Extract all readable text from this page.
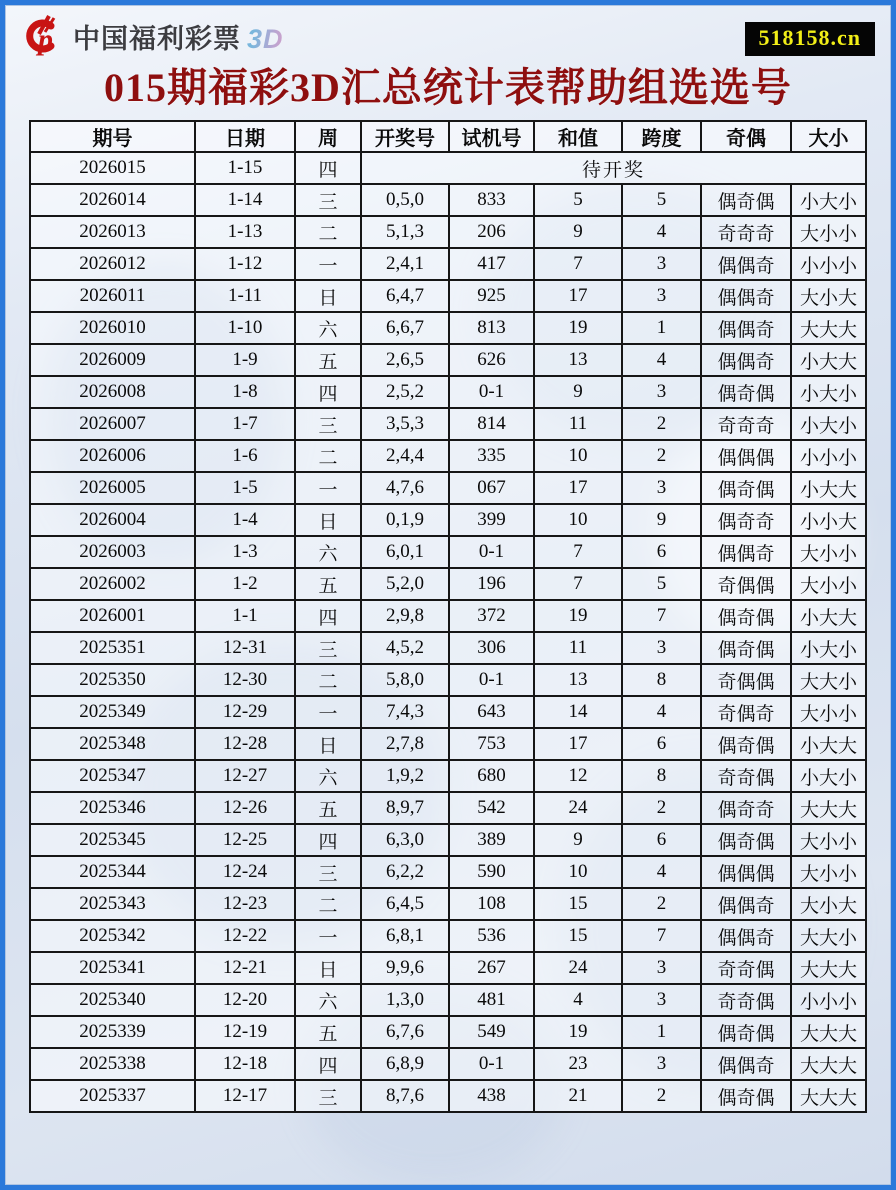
p 中国福利彩票 3D	518158.cn
015期福彩3D汇总统计表帮助组选选号
期号	日期	周	开奖号	试机号	和值	跨度	奇偶	大小
2026015	1-15	四	待开奖					
2026014	1-14	三	0,5,0	833	5	5	偶奇偶	小大小
2026013	1-13	二	5,1,3	206	9	4	奇奇奇	大小小
2026012	1-12	一	2,4,1	417	7	3	偶偶奇	小小小
2026011	1-11	日	6,4,7	925	17	3	偶偶奇	大小大
2026010	1-10	六	6,6,7	813	19	1	偶偶奇	大大大
2026009	1-9	五	2,6,5	626	13	4	偶偶奇	小大大
2026008	1-8	四	2,5,2	0-1	9	3	偶奇偶	小大小
2026007	1-7	三	3,5,3	814	11	2	奇奇奇	小大小
2026006	1-6	二	2,4,4	335	10	2	偶偶偶	小小小
2026005	1-5	一	4,7,6	067	17	3	偶奇偶	小大大
2026004	1-4	日	0,1,9	399	10	9	偶奇奇	小小大
2026003	1-3	六	6,0,1	0-1	7	6	偶偶奇	大小小
2026002	1-2	五	5,2,0	196	7	5	奇偶偶	大小小
2026001	1-1	四	2,9,8	372	19	7	偶奇偶	小大大
2025351	12-31	三	4,5,2	306	11	3	偶奇偶	小大小
2025350	12-30	二	5,8,0	0-1	13	8	奇偶偶	大大小
2025349	12-29	一	7,4,3	643	14	4	奇偶奇	大小小
2025348	12-28	日	2,7,8	753	17	6	偶奇偶	小大大
2025347	12-27	六	1,9,2	680	12	8	奇奇偶	小大小
2025346	12-26	五	8,9,7	542	24	2	偶奇奇	大大大
2025345	12-25	四	6,3,0	389	9	6	偶奇偶	大小小
2025344	12-24	三	6,2,2	590	10	4	偶偶偶	大小小
2025343	12-23	二	6,4,5	108	15	2	偶偶奇	大小大
2025342	12-22	一	6,8,1	536	15	7	偶偶奇	大大小
2025341	12-21	日	9,9,6	267	24	3	奇奇偶	大大大
2025340	12-20	六	1,3,0	481	4	3	奇奇偶	小小小
2025339	12-19	五	6,7,6	549	19	1	偶奇偶	大大大
2025338	12-18	四	6,8,9	0-1	23	3	偶偶奇	大大大
2025337	12-17	三	8,7,6	438	21	2	偶奇偶	大大大
